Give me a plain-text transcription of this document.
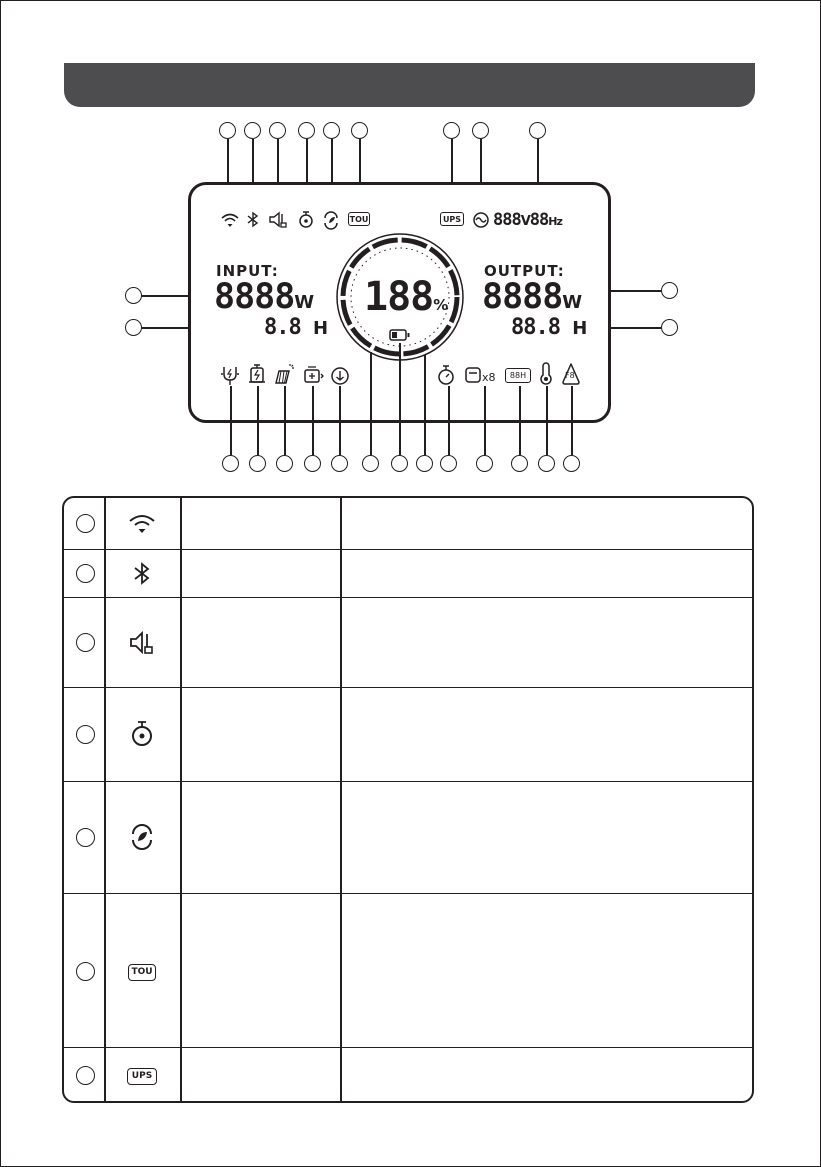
TOU	UPS 888V88Hz
INPUT:
8888W
8.8 H
OUTPUT:
8888W
88.8 H
188%
x8 88H	F8
TOU
UPS
